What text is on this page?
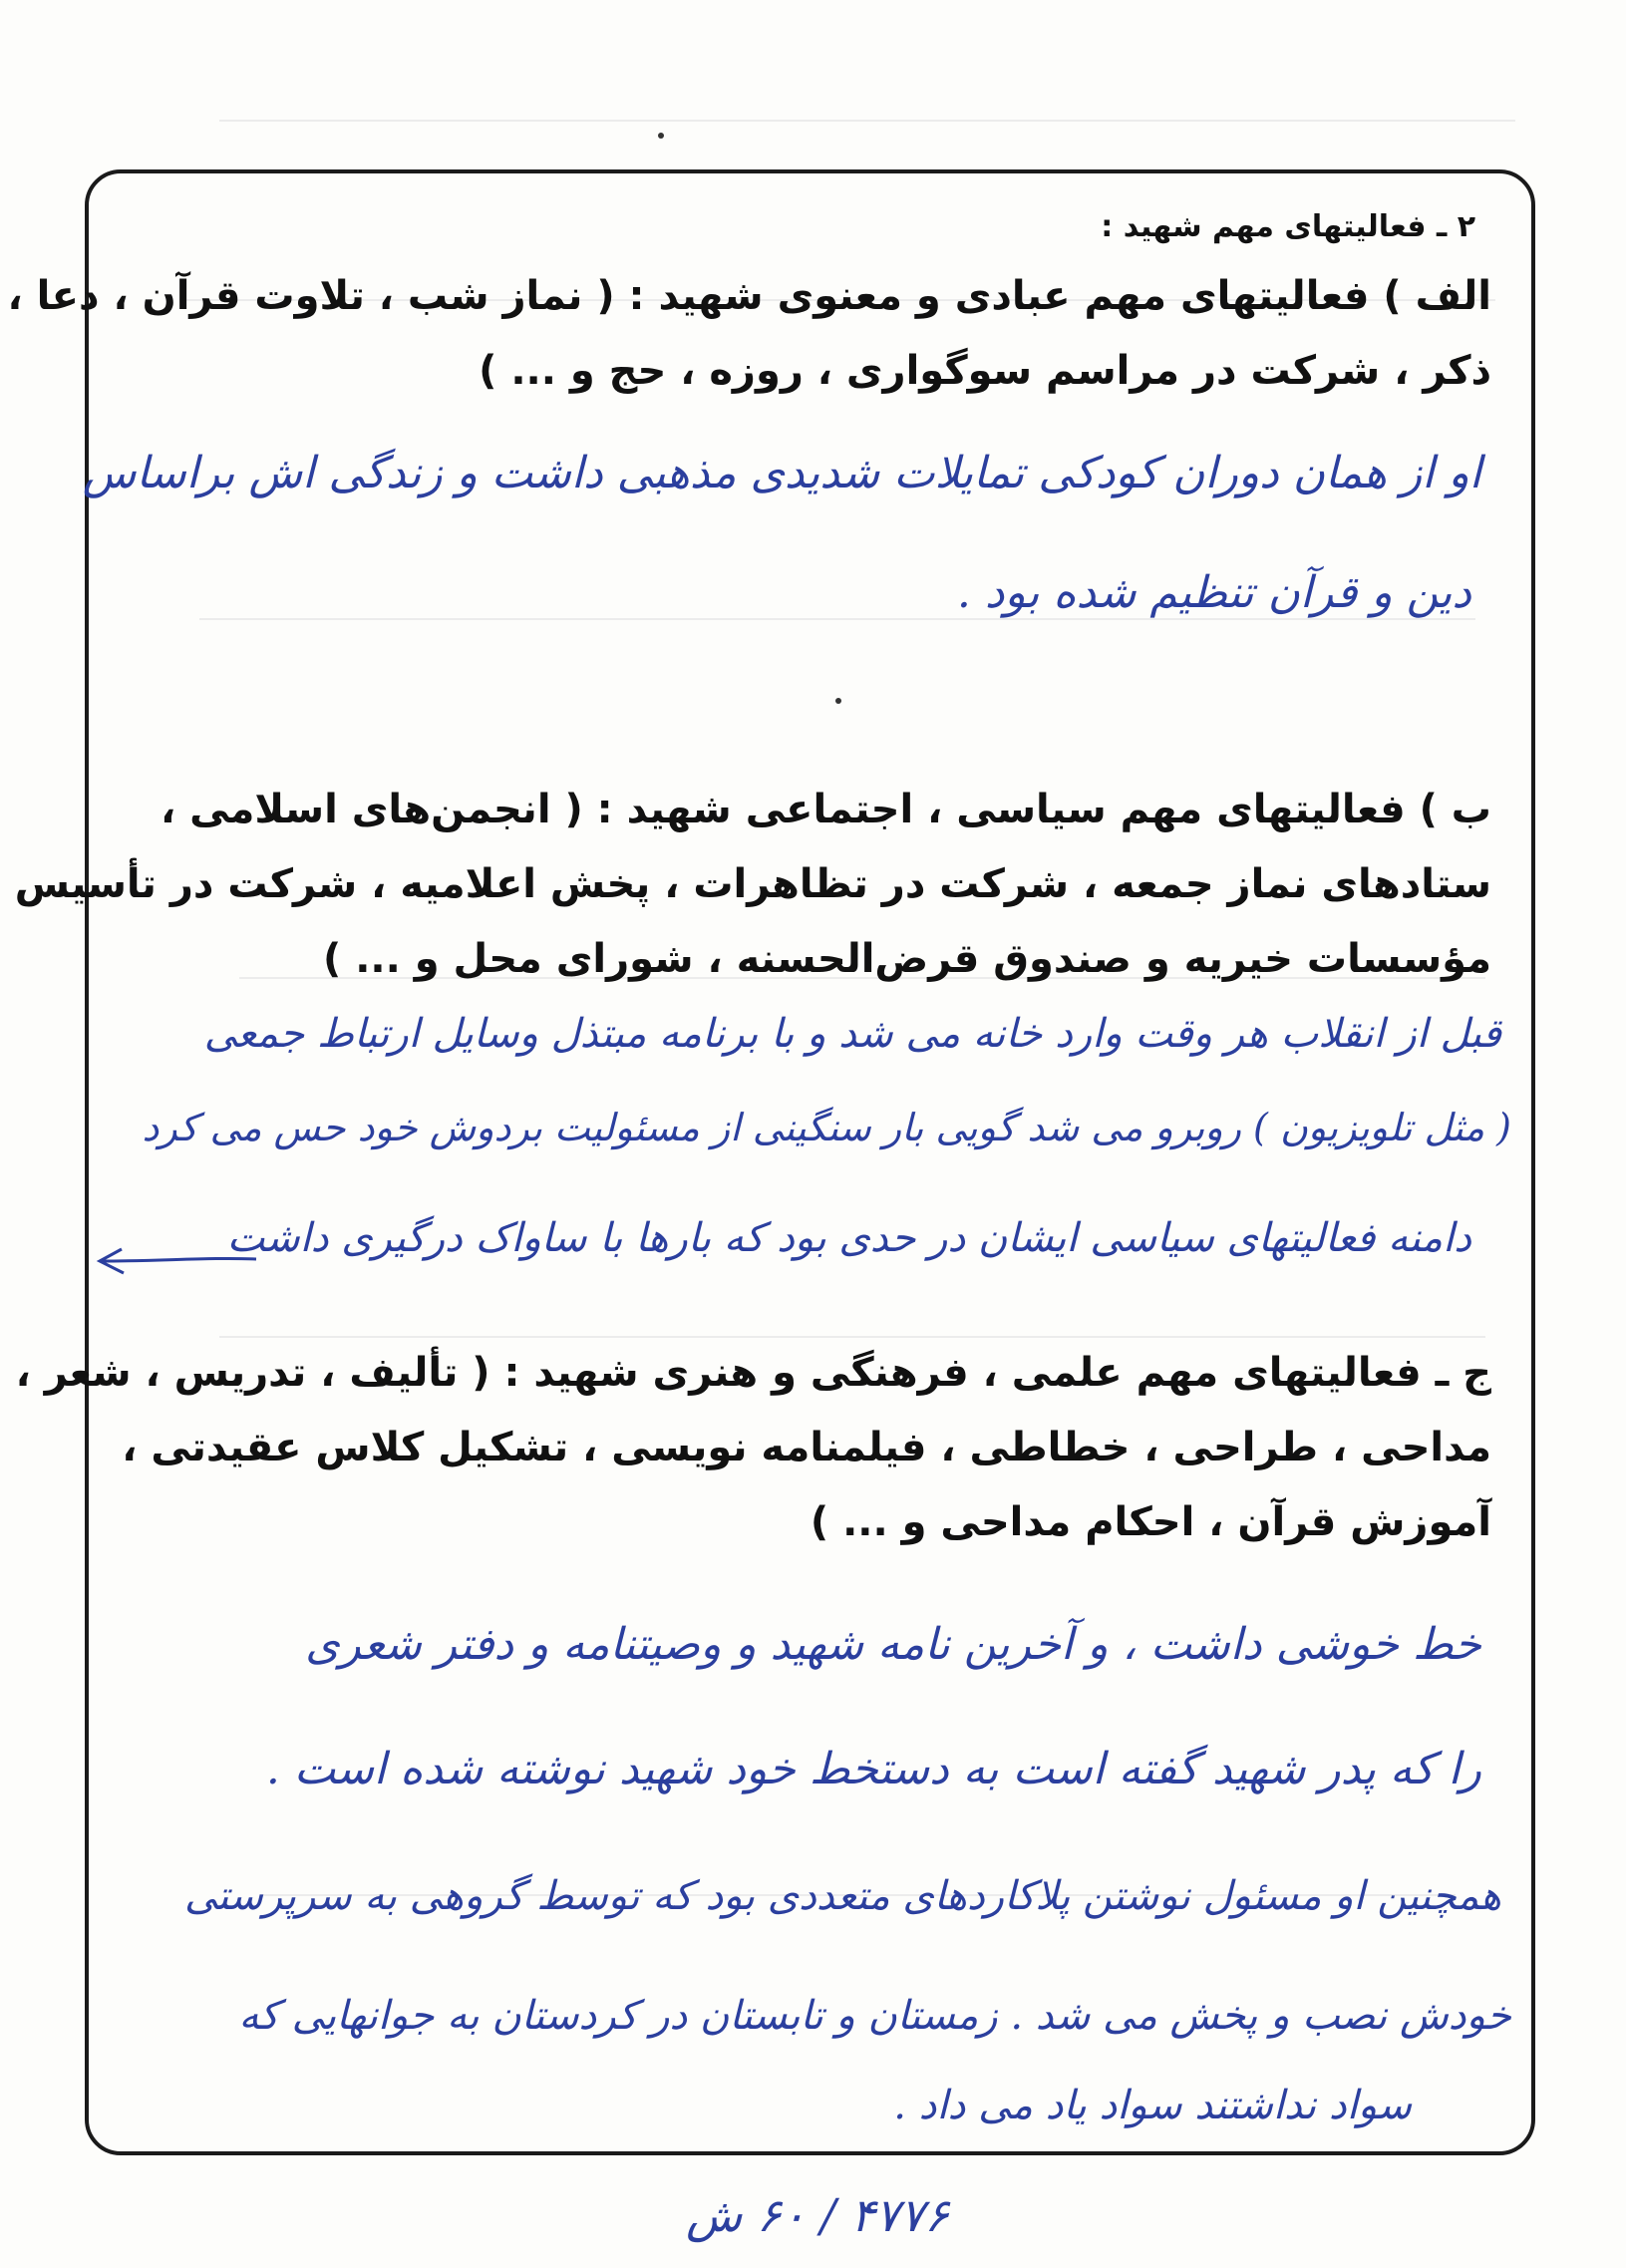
۲ ـ فعالیتهای مهم شهید :
الف ) فعالیتهای مهم عبادی و معنوی شهید : ( نماز شب ، تلاوت قرآن ، دعا ،
ذکر ، شرکت در مراسم سوگواری ، روزه ، حج و ... )
او از همان دوران کودکی تمایلات شدیدی مذهبی داشت و زندگی اش براساس
دین و قرآن تنظیم شده بود .
ب ) فعالیتهای مهم سیاسی ، اجتماعی شهید : ( انجمن‌های اسلامی ،
ستادهای نماز جمعه ، شرکت در تظاهرات ، پخش اعلامیه ، شرکت در تأسیس
مؤسسات خیریه و صندوق قرض‌الحسنه ، شورای محل و ... )
قبل از انقلاب هر وقت وارد خانه می شد و با برنامه مبتذل وسایل ارتباط جمعی
( مثل تلویزیون ) روبرو می شد گویی بار سنگینی از مسئولیت بردوش خود حس می کرد
دامنه فعالیتهای سیاسی ایشان در حدی بود که بارها با ساواک درگیری داشت
ج ـ فعالیتهای مهم علمی ، فرهنگی و هنری شهید : ( تألیف ، تدریس ، شعر ،
مداحی ، طراحی ، خطاطی ، فیلمنامه نویسی ، تشکیل کلاس عقیدتی ،
آموزش قرآن ، احکام مداحی و ... )
خط خوشی داشت ، و آخرین نامه شهید و وصیتنامه و دفتر شعری
را که پدر شهید گفته است به دستخط خود شهید نوشته شده است .
همچنین او مسئول نوشتن پلاکاردهای متعددی بود که توسط گروهی به سرپرستی
خودش نصب و پخش می شد . زمستان و تابستان در کردستان به جوانهایی که
سواد نداشتند سواد یاد می داد .
۴۷۷۶ / ۶۰ ش
